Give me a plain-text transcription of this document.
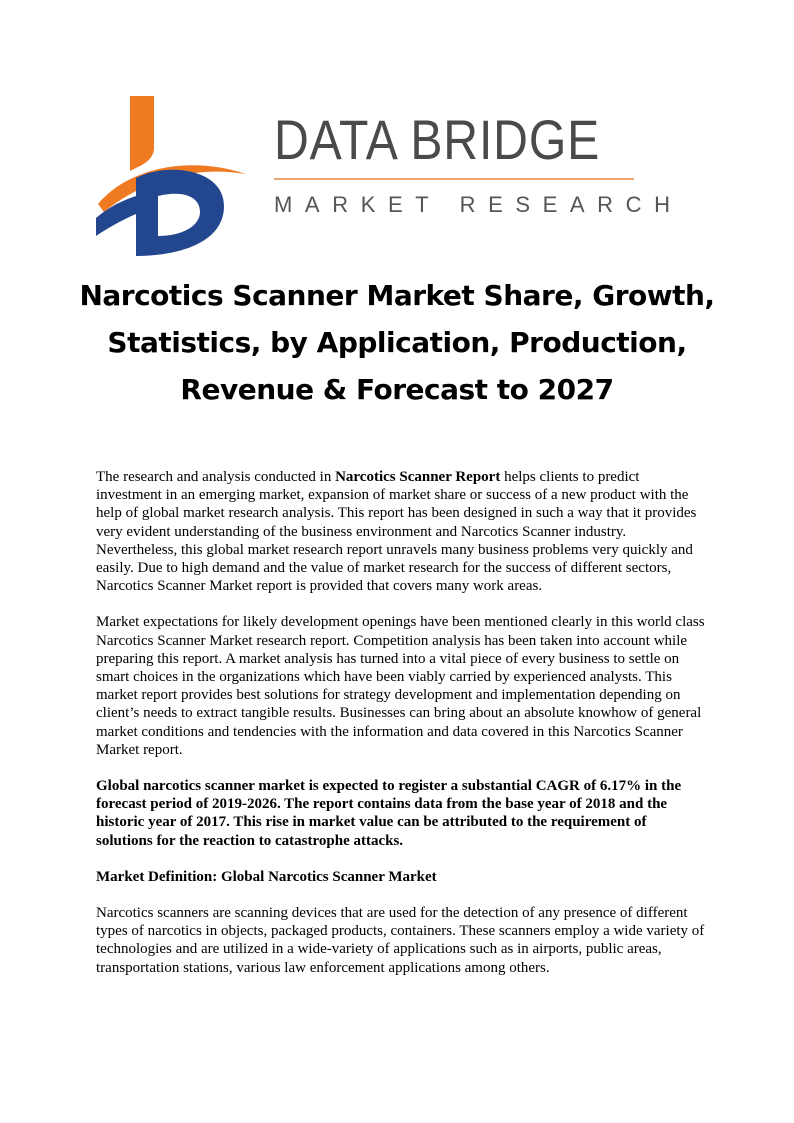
DATA BRIDGE
MARKET RESEARCH
Narcotics Scanner Market Share, Growth, Statistics, by Application, Production, Revenue & Forecast to 2027

The research and analysis conducted in Narcotics Scanner Report helps clients to predict investment in an emerging market, expansion of market share or success of a new product with the help of global market research analysis. This report has been designed in such a way that it provides very evident understanding of the business environment and Narcotics Scanner industry. Nevertheless, this global market research report unravels many business problems very quickly and easily. Due to high demand and the value of market research for the success of different sectors, Narcotics Scanner Market report is provided that covers many work areas.

Market expectations for likely development openings have been mentioned clearly in this world class Narcotics Scanner Market research report. Competition analysis has been taken into account while preparing this report. A market analysis has turned into a vital piece of every business to settle on smart choices in the organizations which have been viably carried by experienced analysts. This market report provides best solutions for strategy development and implementation depending on client’s needs to extract tangible results. Businesses can bring about an absolute knowhow of general market conditions and tendencies with the information and data covered in this Narcotics Scanner Market report.

Global narcotics scanner market is expected to register a substantial CAGR of 6.17% in the forecast period of 2019-2026. The report contains data from the base year of 2018 and the historic year of 2017. This rise in market value can be attributed to the requirement of solutions for the reaction to catastrophe attacks.

Market Definition: Global Narcotics Scanner Market

Narcotics scanners are scanning devices that are used for the detection of any presence of different types of narcotics in objects, packaged products, containers. These scanners employ a wide variety of technologies and are utilized in a wide-variety of applications such as in airports, public areas, transportation stations, various law enforcement applications among others.
